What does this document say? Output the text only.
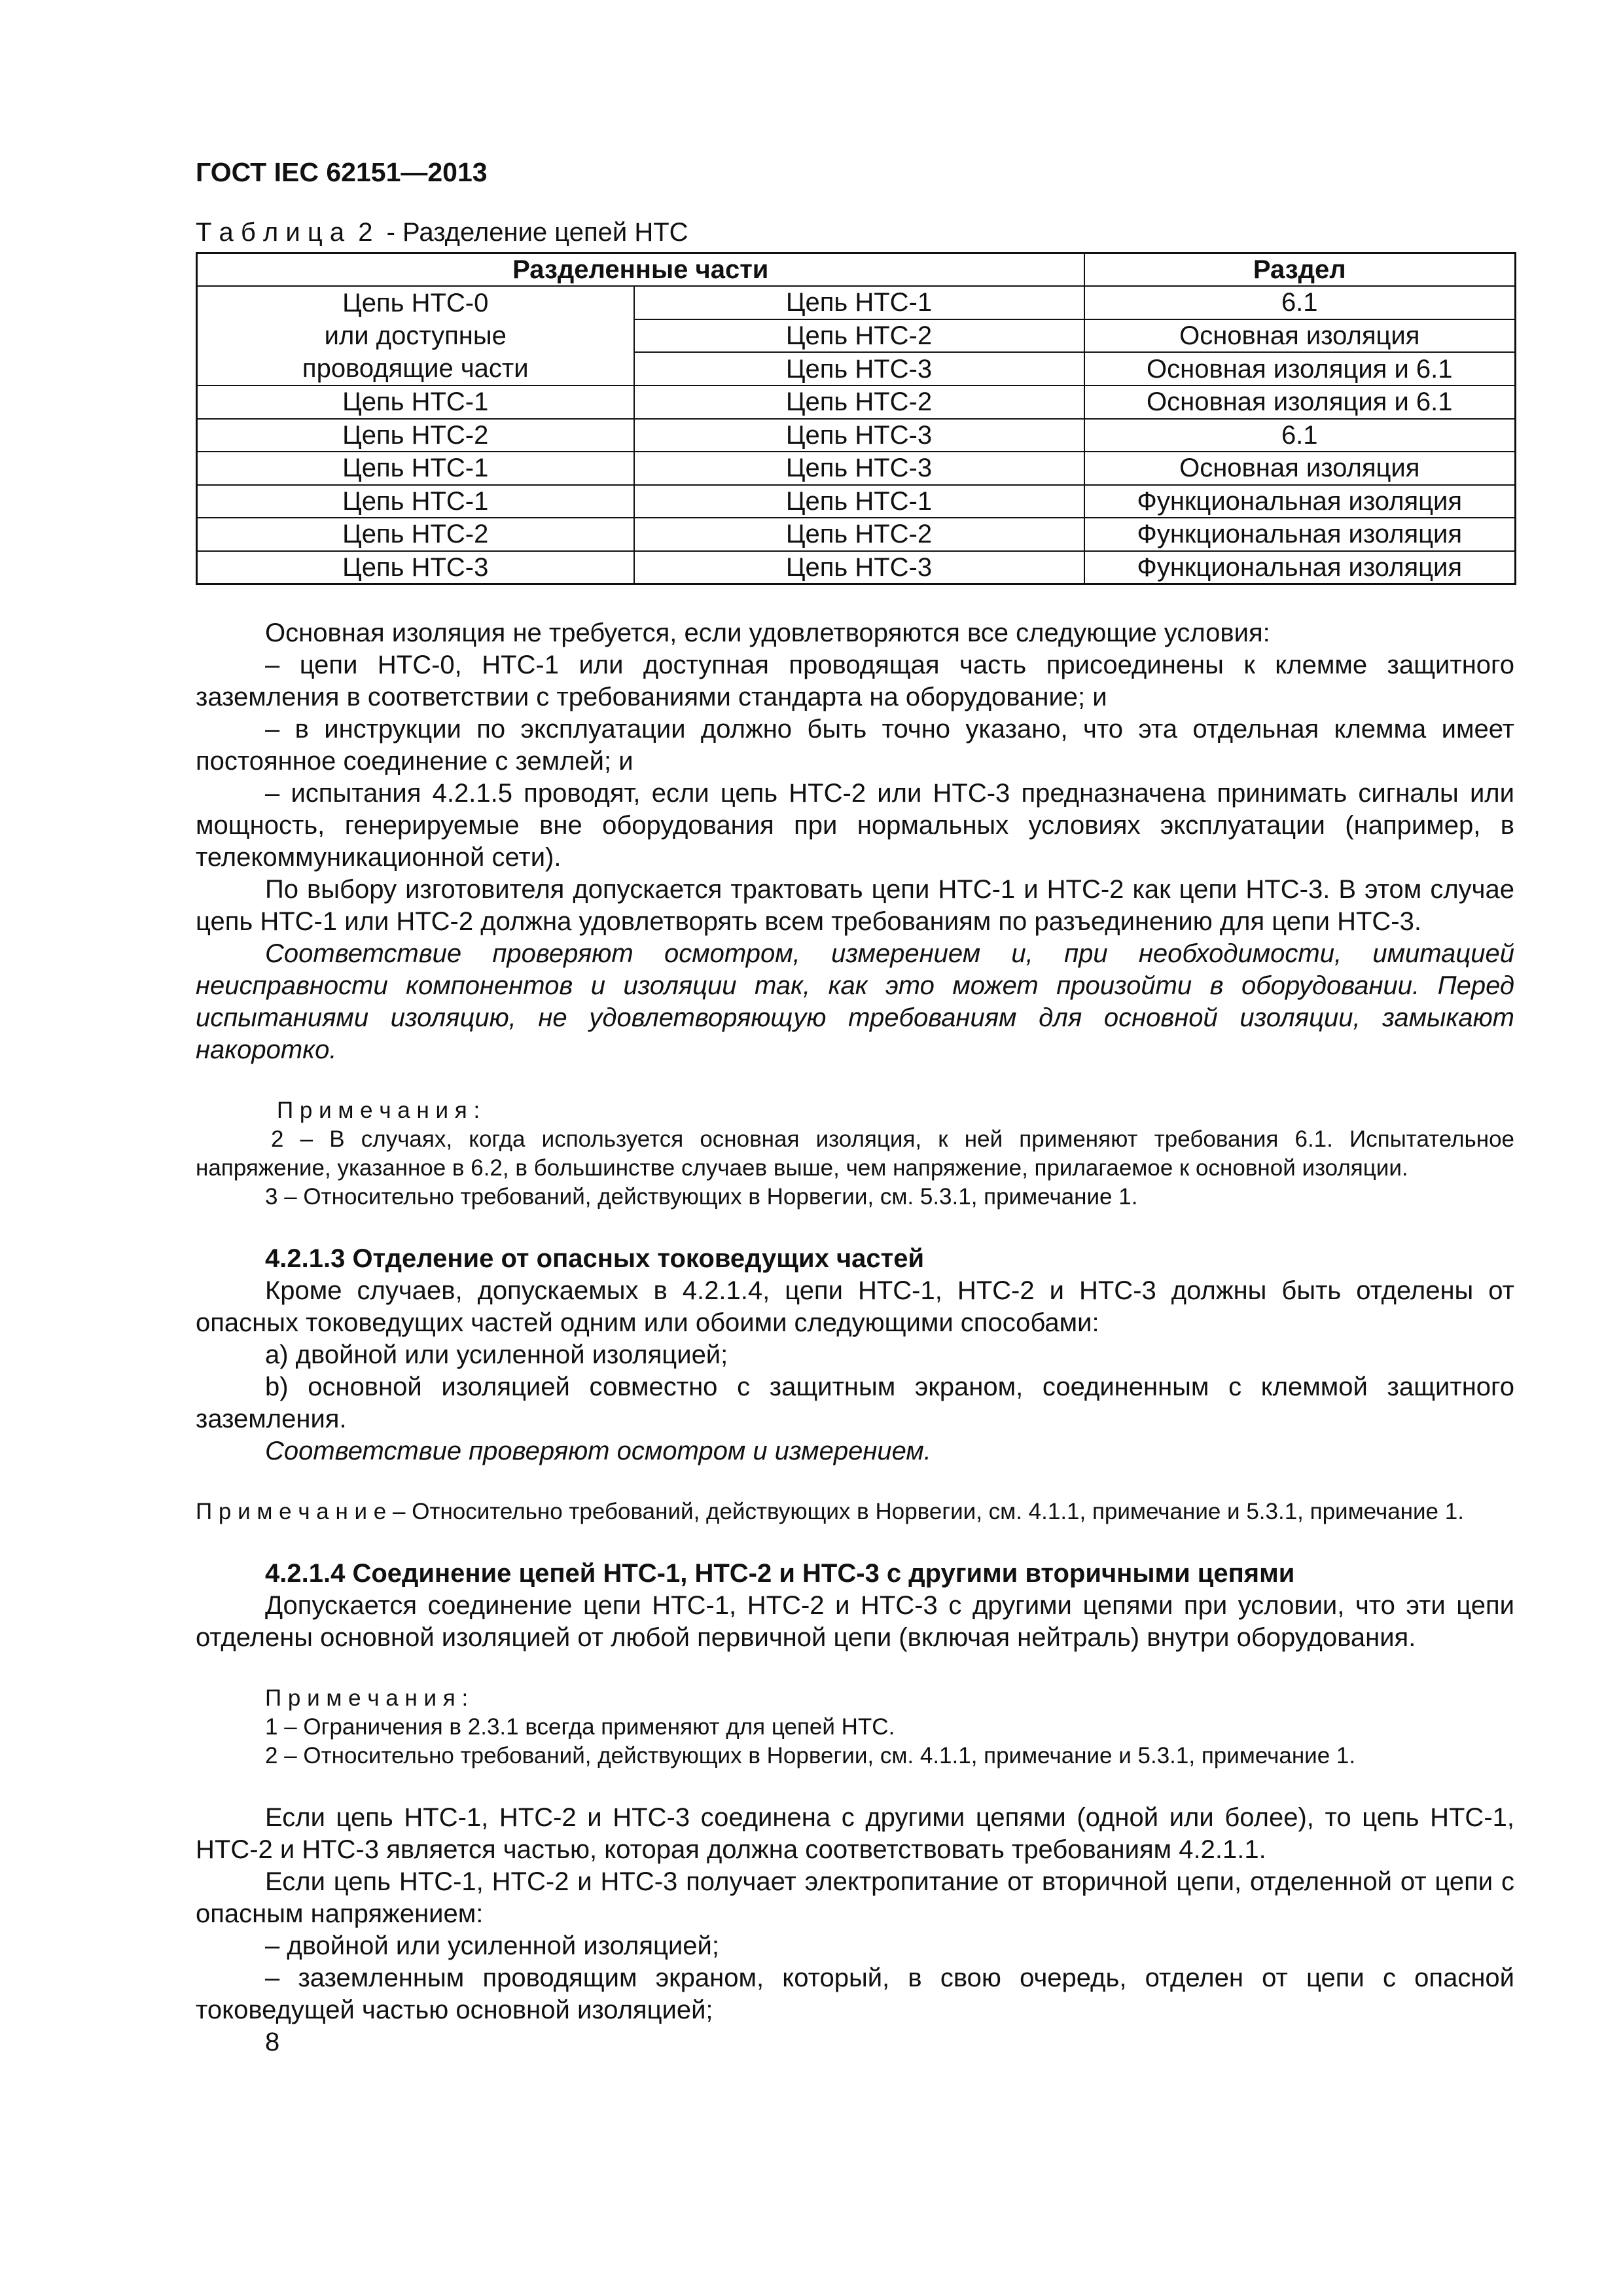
ГОСТ IEC 62151—2013
Т а б л и ц а 2 - Разделение цепей НТС
Разделенные части		Раздел

Цепь НТС-0
или доступные
проводящие части	Цепь НТС-1	6.1
	Цепь НТС-2	Основная изоляция
	Цепь НТС-3	Основная изоляция и 6.1
Цепь НТС-1	Цепь НТС-2	Основная изоляция и 6.1
Цепь НТС-2	Цепь НТС-3	6.1
Цепь НТС-1	Цепь НТС-3	Основная изоляция
Цепь НТС-1	Цепь НТС-1	Функциональная изоляция
Цепь НТС-2	Цепь НТС-2	Функциональная изоляция
Цепь НТС-3	Цепь НТС-3	Функциональная изоляция

Основная изоляция не требуется, если удовлетворяются все следующие условия:

– цепи НТС-0, НТС-1 или доступная проводящая часть присоединены к клемме защитного заземления в соответствии с требованиями стандарта на оборудование; и

– в инструкции по эксплуатации должно быть точно указано, что эта отдельная клемма имеет постоянное соединение с землей; и

– испытания 4.2.1.5 проводят, если цепь НТС-2 или НТС-3 предназначена принимать сигналы или мощность, генерируемые вне оборудования при нормальных условиях эксплуатации (например, в телекоммуникационной сети).

По выбору изготовителя допускается трактовать цепи НТС-1 и НТС-2 как цепи НТС-3. В этом случае цепь НТС-1 или НТС-2 должна удовлетворять всем требованиям по разъединению для цепи НТС-3.

Соответствие проверяют осмотром, измерением и, при необходимости, имитацией неисправности компонентов и изоляции так, как это может произойти в оборудовании. Перед испытаниями изоляцию, не удовлетворяющую требованиям для основной изоляции, замыкают накоротко.

П р и м е ч а н и я :

2 – В случаях, когда используется основная изоляция, к ней применяют требования 6.1. Испытательное напряжение, указанное в 6.2, в большинстве случаев выше, чем напряжение, прилагаемое к основной изоляции.

3 – Относительно требований, действующих в Норвегии, см. 5.3.1, примечание 1.

4.2.1.3 Отделение от опасных токоведущих частей

Кроме случаев, допускаемых в 4.2.1.4, цепи НТС-1, НТС-2 и НТС-3 должны быть отделены от опасных токоведущих частей одним или обоими следующими способами:

а) двойной или усиленной изоляцией;

b) основной изоляцией совместно с защитным экраном, соединенным с клеммой защитного заземления.

Соответствие проверяют осмотром и измерением.

П р и м е ч а н и е – Относительно требований, действующих в Норвегии, см. 4.1.1, примечание и 5.3.1, примечание 1.

4.2.1.4 Соединение цепей НТС-1, НТС-2 и НТС-3 с другими вторичными цепями

Допускается соединение цепи НТС-1, НТС-2 и НТС-3 с другими цепями при условии, что эти цепи отделены основной изоляцией от любой первичной цепи (включая нейтраль) внутри оборудования.

П р и м е ч а н и я :

1 – Ограничения в 2.3.1 всегда применяют для цепей НТС.

2 – Относительно требований, действующих в Норвегии, см. 4.1.1, примечание и 5.3.1, примечание 1.

Если цепь НТС-1, НТС-2 и НТС-3 соединена с другими цепями (одной или более), то цепь НТС-1, НТС-2 и НТС-3 является частью, которая должна соответствовать требованиям 4.2.1.1.

Если цепь НТС-1, НТС-2 и НТС-3 получает электропитание от вторичной цепи, отделенной от цепи с опасным напряжением:

– двойной или усиленной изоляцией;

– заземленным проводящим экраном, который, в свою очередь, отделен от цепи с опасной токоведущей частью основной изоляцией;

8
